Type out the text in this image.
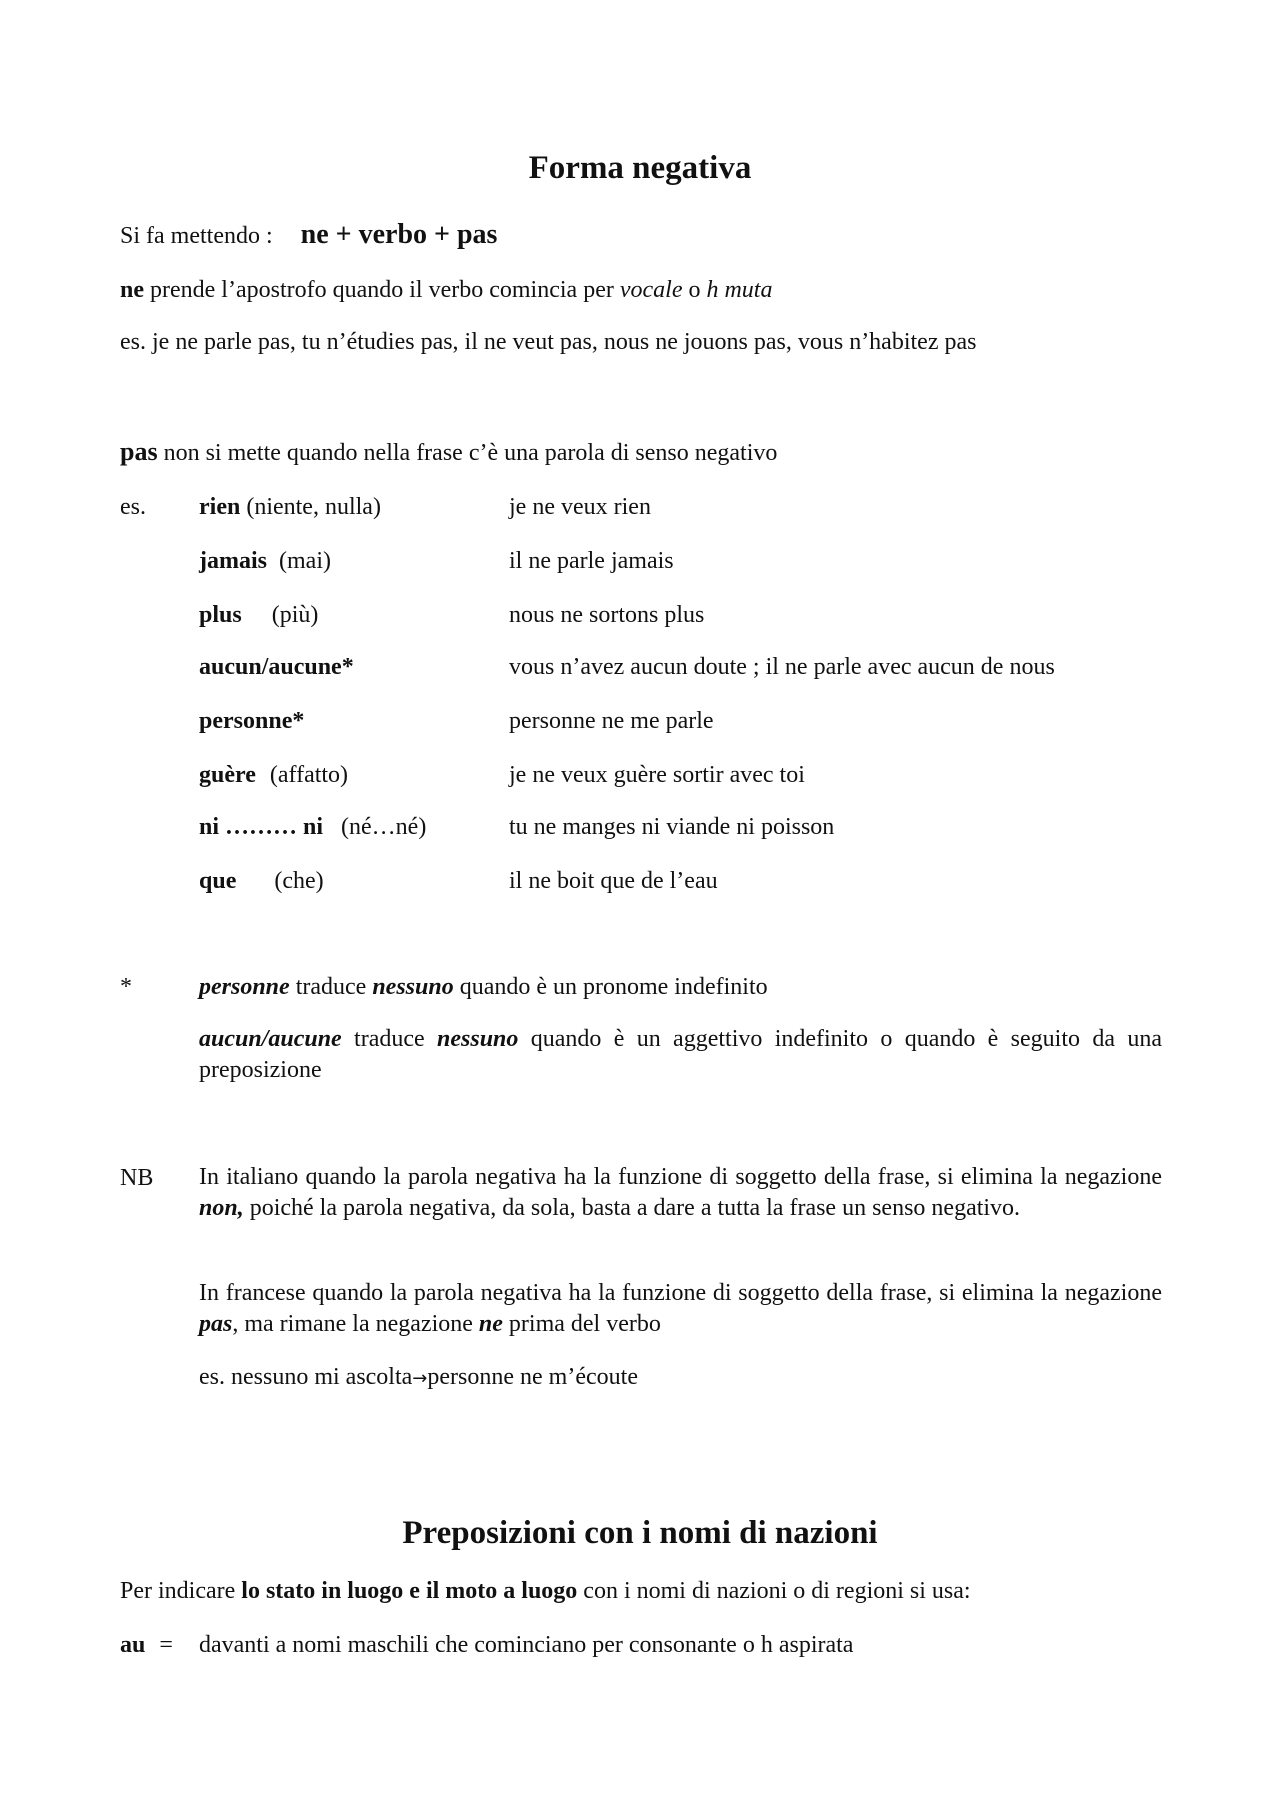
Forma negativa
Si fa mettendo : ne + verbo + pas
ne prende l’apostrofo quando il verbo comincia per vocale o h muta
es. je ne parle pas, tu n’étudies pas, il ne veut pas, nous ne jouons pas, vous n’habitez pas
pas non si mette quando nella frase c’è una parola di senso negativo
es. rien (niente, nulla)	je ne veux rien
jamais (mai)	il ne parle jamais
plus (più)	nous ne sortons plus
aucun/aucune*	vous n’avez aucun doute ; il ne parle avec aucun de nous
personne*	personne ne me parle
guère (affatto)	je ne veux guère sortir avec toi
ni ……… ni (né…né)	tu ne manges ni viande ni poisson
que (che)	il ne boit que de l’eau
*	personne traduce nessuno quando è un pronome indefinito
aucun/aucune traduce nessuno quando è un aggettivo indefinito o quando è seguito da una preposizione
NB In italiano quando la parola negativa ha la funzione di soggetto della frase, si elimina la negazione non, poiché la parola negativa, da sola, basta a dare a tutta la frase un senso negativo.
In francese quando la parola negativa ha la funzione di soggetto della frase, si elimina la negazione pas, ma rimane la negazione ne prima del verbo
es. nessuno mi ascolta→personne ne m’écoute
Preposizioni con i nomi di nazioni
Per indicare lo stato in luogo e il moto a luogo con i nomi di nazioni o di regioni si usa:
au = davanti a nomi maschili che cominciano per consonante o h aspirata
